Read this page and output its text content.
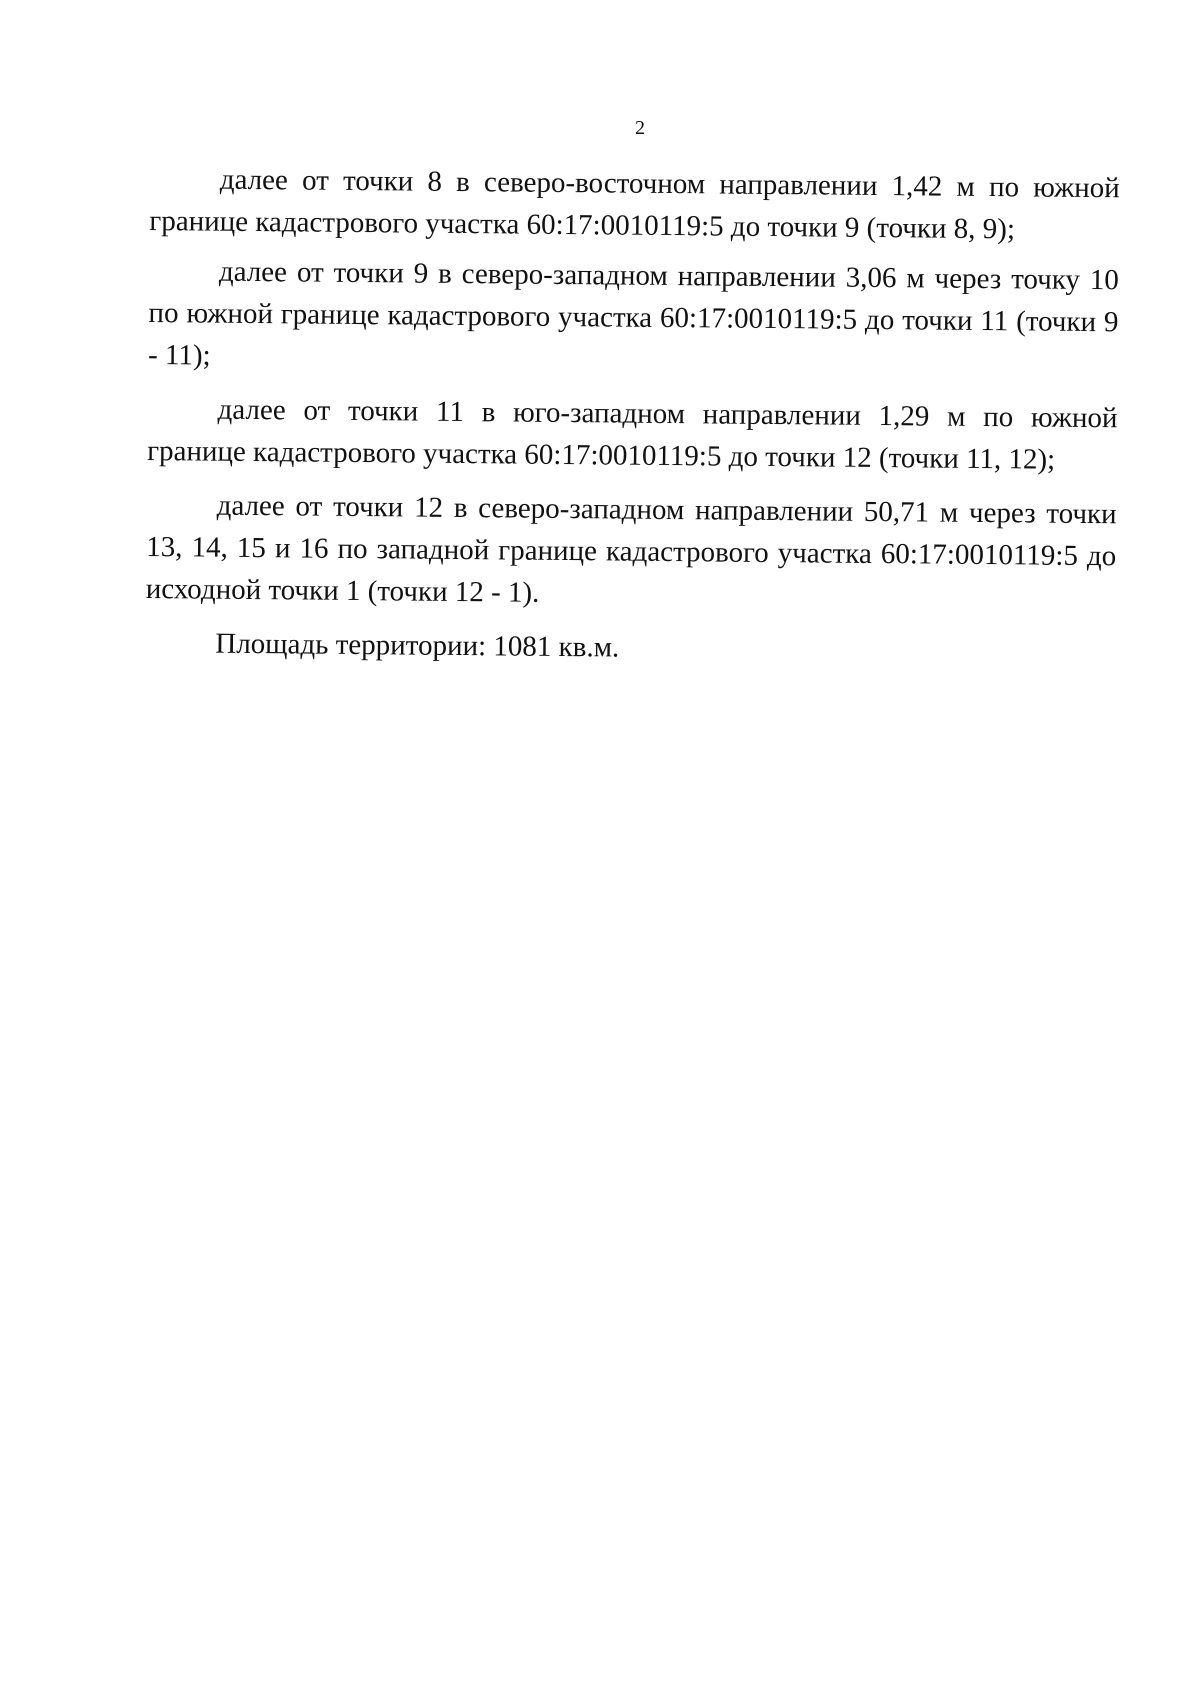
2

далее от точки 8 в северо-восточном направлении 1,42 м по южной границе кадастрового участка 60:17:0010119:5 до точки 9 (точки 8, 9);

далее от точки 9 в северо-западном направлении 3,06 м через точку 10 по южной границе кадастрового участка 60:17:0010119:5 до точки 11 (точки 9 - 11);

далее от точки 11 в юго-западном направлении 1,29 м по южной границе кадастрового участка 60:17:0010119:5 до точки 12 (точки 11, 12);

далее от точки 12 в северо-западном направлении 50,71 м через точки 13, 14, 15 и 16 по западной границе кадастрового участка 60:17:0010119:5 до исходной точки 1 (точки 12 - 1).

Площадь территории: 1081 кв.м.
